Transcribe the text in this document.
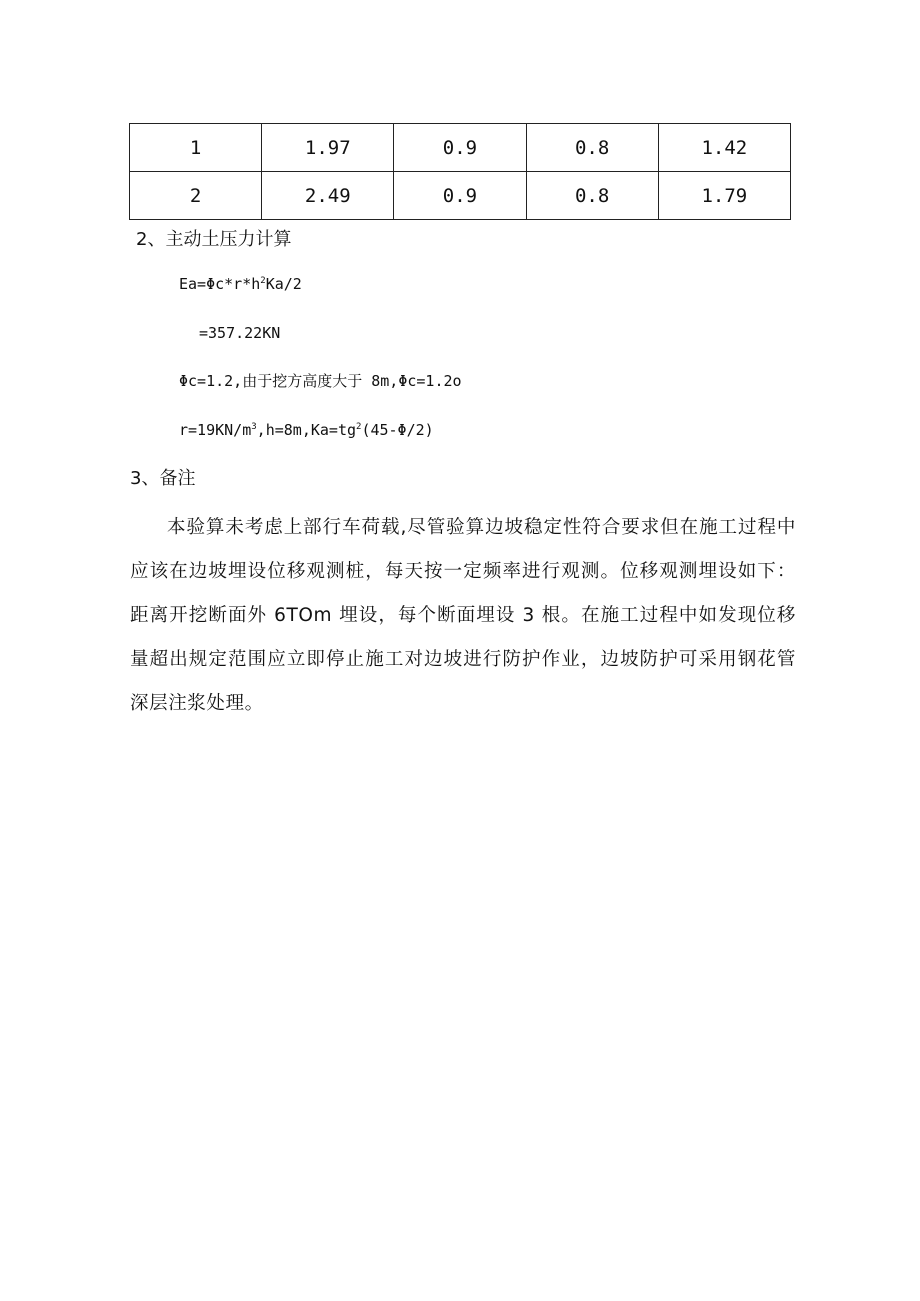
1	1.97	0.9	0.8	1.42
2	2.49	0.9	0.8	1.79
2、主动土压力计算
$Ea=\Phi c*r*h^2Ka/2$
=357.22KN
Φc=1.2,由于挖方高度大于 8m,Φc=1.2o
$r=19KN/m^3,h=8m,Ka=tg^2(45-\Phi/2)$
3、备注
本验算未考虑上部行车荷载,尽管验算边坡稳定性符合要求但在施工过程中应该在边坡埋设位移观测桩，每天按一定频率进行观测。位移观测埋设如下：距离开挖断面外 6TOm 埋设，每个断面埋设 3 根。在施工过程中如发现位移量超出规定范围应立即停止施工对边坡进行防护作业，边坡防护可采用钢花管深层注浆处理。
